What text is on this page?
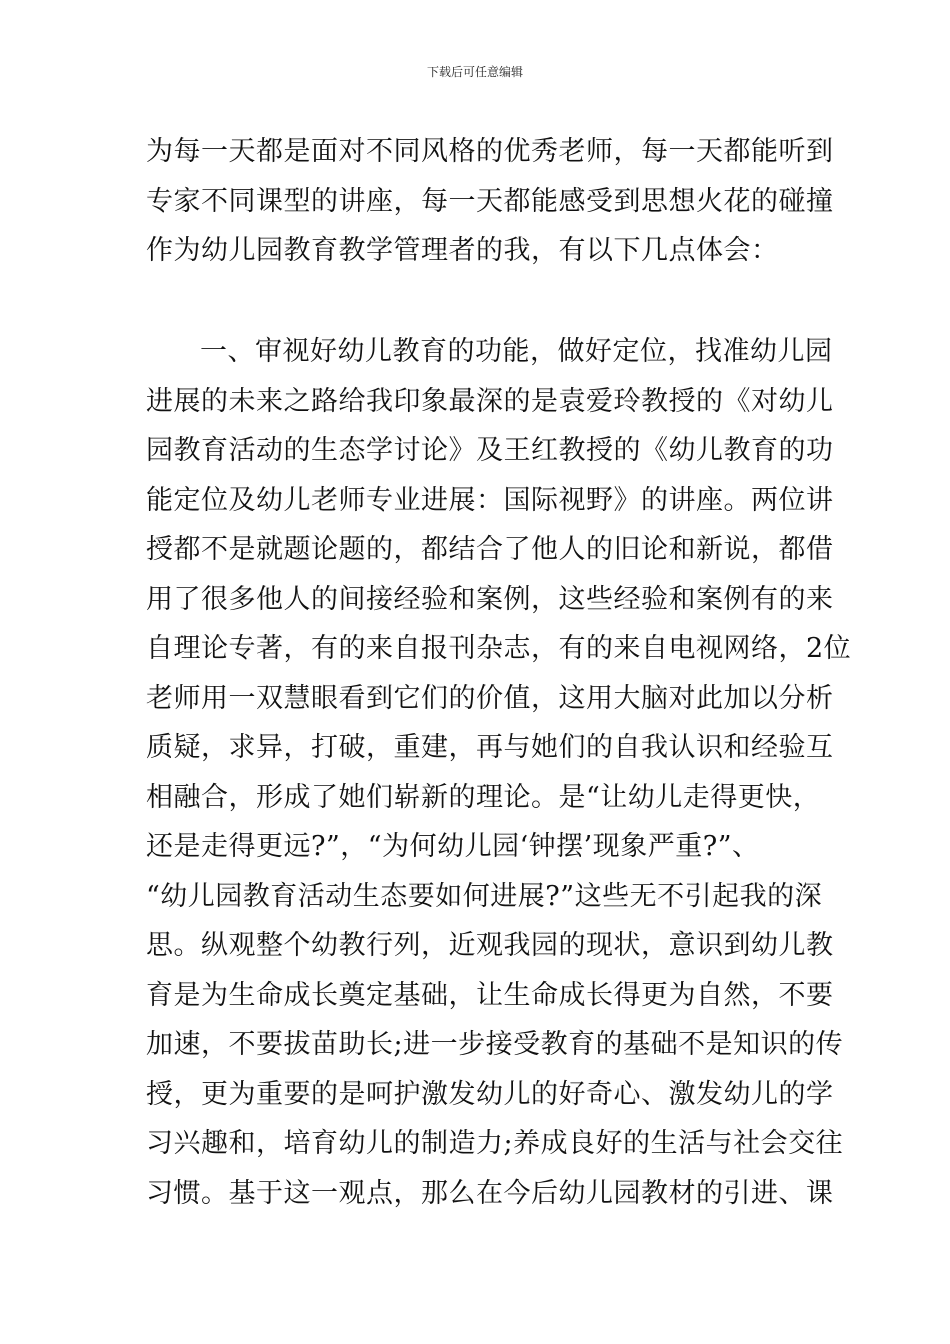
下载后可任意编辑
为每一天都是面对不同风格的优秀老师，每一天都能听到
专家不同课型的讲座，每一天都能感受到思想火花的碰撞
作为幼儿园教育教学管理者的我，有以下几点体会：
一、审视好幼儿教育的功能，做好定位，找准幼儿园
进展的未来之路给我印象最深的是袁爱玲教授的《对幼儿
园教育活动的生态学讨论》及王红教授的《幼儿教育的功
能定位及幼儿老师专业进展：国际视野》的讲座。两位讲
授都不是就题论题的，都结合了他人的旧论和新说，都借
用了很多他人的间接经验和案例，这些经验和案例有的来
自理论专著，有的来自报刊杂志，有的来自电视网络，2位
老师用一双慧眼看到它们的价值，这用大脑对此加以分析
质疑，求异，打破，重建，再与她们的自我认识和经验互
相融合，形成了她们崭新的理论。是“让幼儿走得更快，
还是走得更远?”，“为何幼儿园‘钟摆’现象严重?”、
“幼儿园教育活动生态要如何进展?”这些无不引起我的深
思。纵观整个幼教行列，近观我园的现状，意识到幼儿教
育是为生命成长奠定基础，让生命成长得更为自然，不要
加速，不要拔苗助长;进一步接受教育的基础不是知识的传
授，更为重要的是呵护激发幼儿的好奇心、激发幼儿的学
习兴趣和，培育幼儿的制造力;养成良好的生活与社会交往
习惯。基于这一观点，那么在今后幼儿园教材的引进、课
